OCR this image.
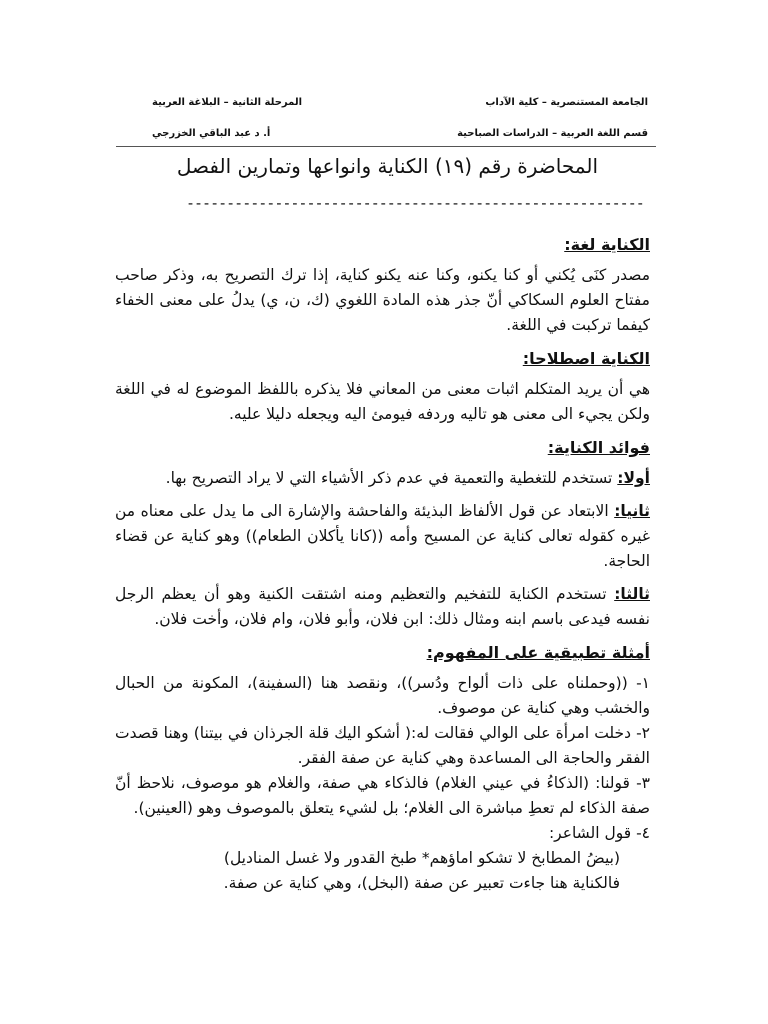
الجامعة المستنصرية – كلية الآداب
المرحلة الثانية – البلاغة العربية
قسم اللغة العربية – الدراسات الصباحية
أ. د عبد الباقي الخزرجي
المحاضرة رقم (١٩) الكناية وانواعها وتمارين الفصل
---------------------------------------------------------
الكناية لغة:

مصدر كنَى يُكني أو كنا يكنو، وكنا عنه يكنو كناية، إذا ترك التصريح به، وذكر صاحب مفتاح العلوم السكاكي أنّ جذر هذه المادة اللغوي (ك، ن، ي) يدلُ على معنى الخفاء كيفما تركبت في اللغة.

الكناية اصطلاحا:

هي أن يريد المتكلم اثبات معنى من المعاني فلا يذكره باللفظ الموضوع له في اللغة ولكن يجيء الى معنى هو تاليه وردفه فيومئ اليه ويجعله دليلا عليه.

فوائد الكناية:

أولا: تستخدم للتغطية والتعمية في عدم ذكر الأشياء التي لا يراد التصريح بها.

ثانيا: الابتعاد عن قول الألفاظ البذيئة والفاحشة والإشارة الى ما يدل على معناه من غيره كقوله تعالى كناية عن المسيح وأمه ((كانا يأكلان الطعام)) وهو كناية عن قضاء الحاجة.

ثالثا: تستخدم الكناية للتفخيم والتعظيم ومنه اشتقت الكنية وهو أن يعظم الرجل نفسه فيدعى باسم ابنه ومثال ذلك: ابن فلان، وأبو فلان، وام فلان، وأخت فلان.

أمثلة تطبيقية على المفهوم:
١- ((وحملناه على ذات ألواح ودُسر))، ونقصد هنا (السفينة)، المكونة من الحبال والخشب وهي كناية عن موصوف.
٢- دخلت امرأة على الوالي فقالت له:( أشكو اليك قلة الجرذان في بيتنا) وهنا قصدت الفقر والحاجة الى المساعدة وهي كناية عن صفة الفقر.
٣- قولنا: (الذكاءُ في عيني الغلام) فالذكاء هي صفة، والغلام هو موصوف، نلاحظ أنّ صفة الذكاء لم تعطِ مباشرة الى الغلام؛ بل لشيء يتعلق بالموصوف وهو (العينين).
٤- قول الشاعر:
(بيضُ المطابخ لا تشكو اماؤهم* طبخ القدور ولا غسل المناديل)
فالكناية هنا جاءت تعبير عن صفة (البخل)، وهي كناية عن صفة.
